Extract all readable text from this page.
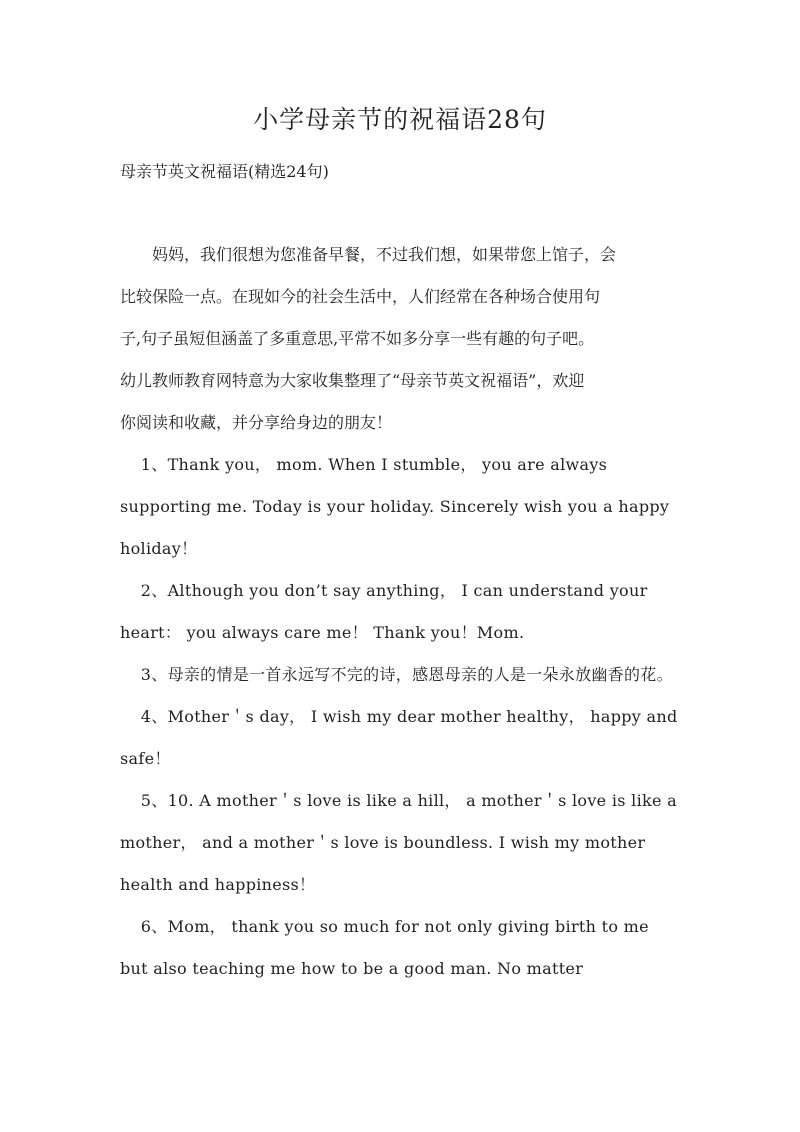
小学母亲节的祝福语28句
母亲节英文祝福语(精选24句)

妈妈，我们很想为您准备早餐，不过我们想，如果带您上馆子，会
比较保险一点。在现如今的社会生活中，人们经常在各种场合使用句
子,句子虽短但涵盖了多重意思,平常不如多分享一些有趣的句子吧。
幼儿教师教育网特意为大家收集整理了“母亲节英文祝福语”，欢迎
你阅读和收藏，并分享给身边的朋友！

1、Thank you， mom. When I stumble， you are always supporting me. Today is your holiday. Sincerely wish you a happy holiday！

2、Although you don’t say anything， I can understand your heart： you always care me！ Thank you！Mom.

3、母亲的情是一首永远写不完的诗，感恩母亲的人是一朵永放幽香的花。

4、Mother＇s day， I wish my dear mother healthy， happy and safe！

5、10. A mother＇s love is like a hill， a mother＇s love is like a mother， and a mother＇s love is boundless. I wish my mother health and happiness！

6、Mom， thank you so much for not only giving birth to me but also teaching me how to be a good man. No matter
